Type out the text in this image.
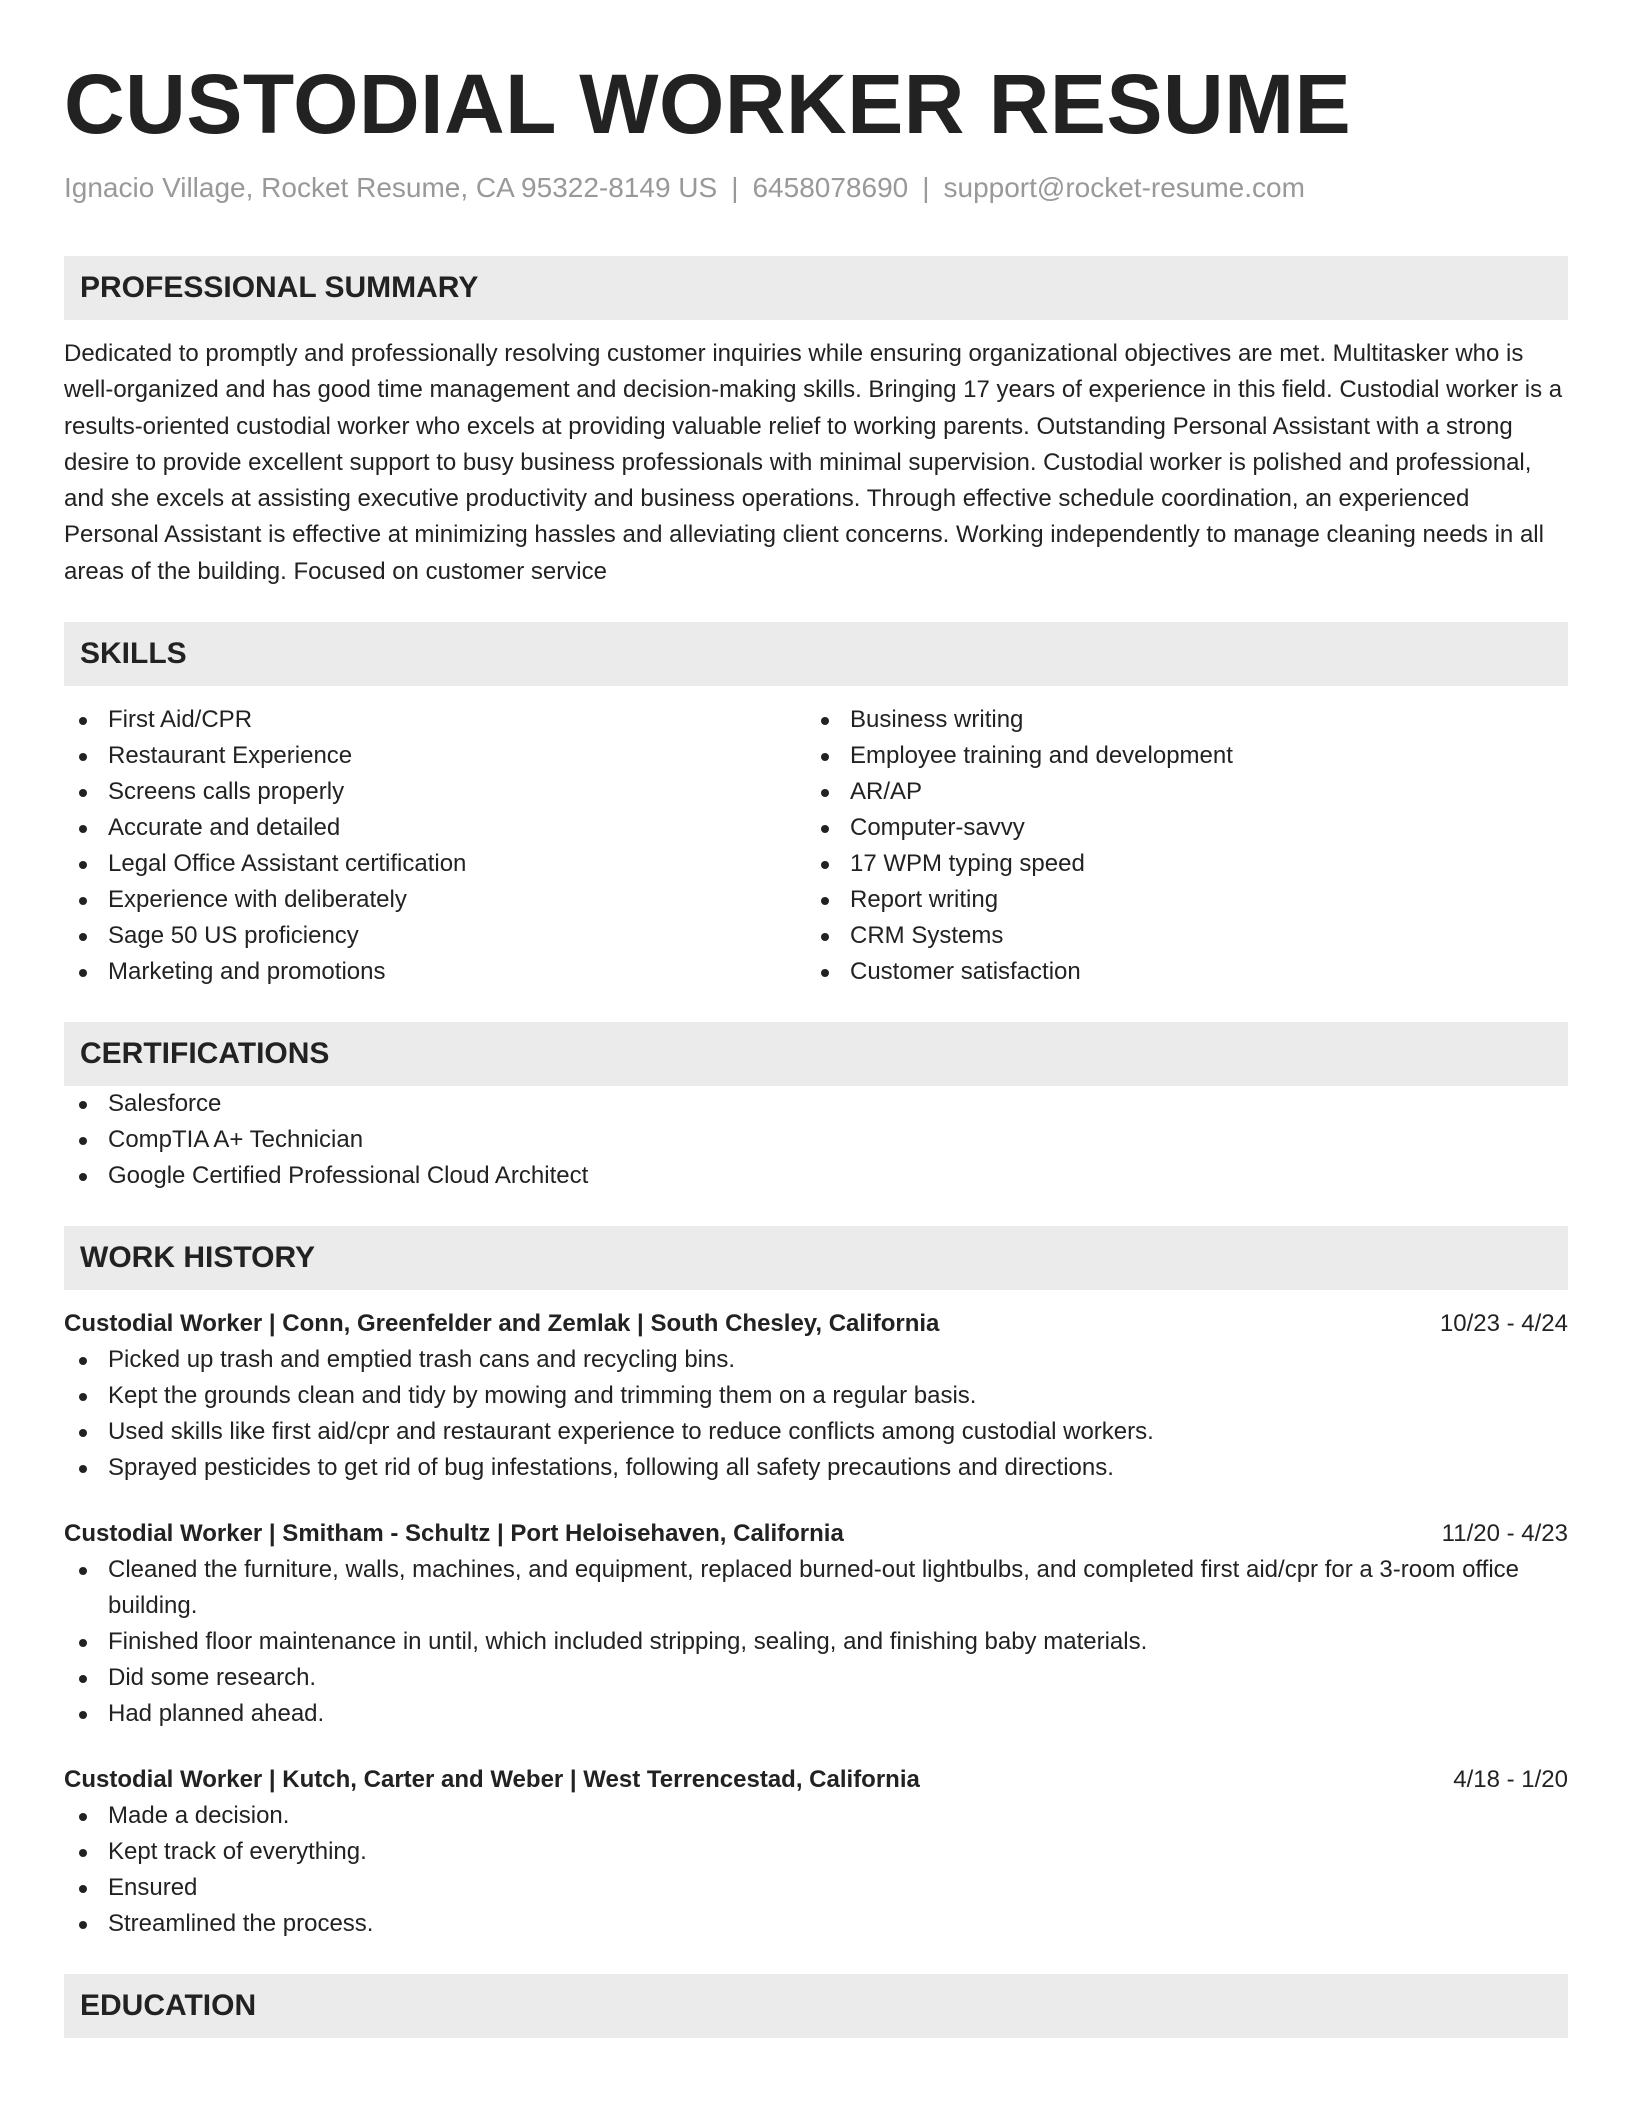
CUSTODIAL WORKER RESUME
Ignacio Village, Rocket Resume, CA 95322-8149 US | 6458078690 | support@rocket-resume.com
PROFESSIONAL SUMMARY

Dedicated to promptly and professionally resolving customer inquiries while ensuring organizational objectives are met. Multitasker who is well-organized and has good time management and decision-making skills. Bringing 17 years of experience in this field. Custodial worker is a results-oriented custodial worker who excels at providing valuable relief to working parents. Outstanding Personal Assistant with a strong desire to provide excellent support to busy business professionals with minimal supervision. Custodial worker is polished and professional, and she excels at assisting executive productivity and business operations. Through effective schedule coordination, an experienced Personal Assistant is effective at minimizing hassles and alleviating client concerns. Working independently to manage cleaning needs in all areas of the building. Focused on customer service

SKILLS
First Aid/CPR
Restaurant Experience
Screens calls properly
Accurate and detailed
Legal Office Assistant certification
Experience with deliberately
Sage 50 US proficiency
Marketing and promotions
Business writing
Employee training and development
AR/AP
Computer-savvy
17 WPM typing speed
Report writing
CRM Systems
Customer satisfaction
CERTIFICATIONS
Salesforce
CompTIA A+ Technician
Google Certified Professional Cloud Architect
WORK HISTORY
Custodial Worker | Conn, Greenfelder and Zemlak | South Chesley, California	10/23 - 4/24
Picked up trash and emptied trash cans and recycling bins.
Kept the grounds clean and tidy by mowing and trimming them on a regular basis.
Used skills like first aid/cpr and restaurant experience to reduce conflicts among custodial workers.
Sprayed pesticides to get rid of bug infestations, following all safety precautions and directions.
Custodial Worker | Smitham - Schultz | Port Heloisehaven, California	11/20 - 4/23
Cleaned the furniture, walls, machines, and equipment, replaced burned-out lightbulbs, and completed first aid/cpr for a 3-room office building.
Finished floor maintenance in until, which included stripping, sealing, and finishing baby materials.
Did some research.
Had planned ahead.
Custodial Worker | Kutch, Carter and Weber | West Terrencestad, California	4/18 - 1/20
Made a decision.
Kept track of everything.
Ensured
Streamlined the process.
EDUCATION
